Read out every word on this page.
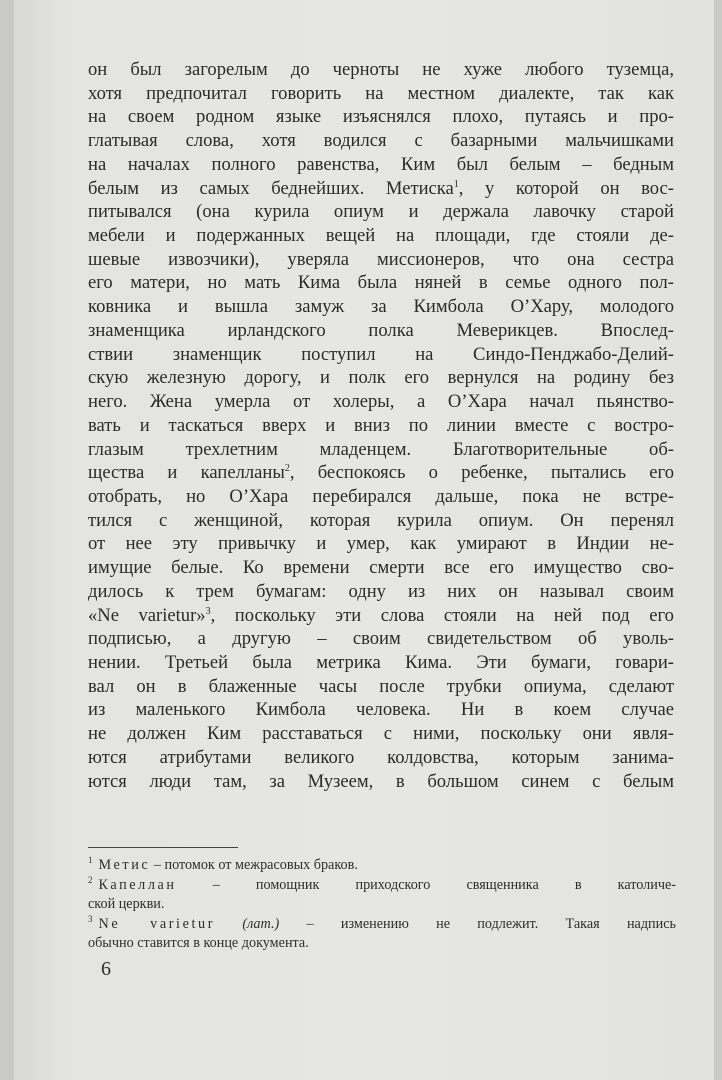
он был загорелым до черноты не хуже любого туземца,
хотя предпочитал говорить на местном диалекте, так как
на своем родном языке изъяснялся плохо, путаясь и про-
глатывая слова, хотя водился с базарными мальчишками
на началах полного равенства, Ким был белым – бедным
белым из самых беднейших. Метиска$^1$, у которой он вос-
питывался (она курила опиум и держала лавочку старой
мебели и подержанных вещей на площади, где стояли де-
шевые извозчики), уверяла миссионеров, что она сестра
его матери, но мать Кима была няней в семье одного пол-
ковника и вышла замуж за Кимбола О’Хару, молодого
знаменщика ирландского полка Меверикцев. Впослед-
ствии знаменщик поступил на Синдо-Пенджабо-Делий-
скую железную дорогу, и полк его вернулся на родину без
него. Жена умерла от холеры, а О’Хара начал пьянство-
вать и таскаться вверх и вниз по линии вместе с востро-
глазым трехлетним младенцем. Благотворительные об-
щества и капелланы$^2$, беспокоясь о ребенке, пытались его
отобрать, но О’Хара перебирался дальше, пока не встре-
тился с женщиной, которая курила опиум. Он перенял
от нее эту привычку и умер, как умирают в Индии не-
имущие белые. Ко времени смерти все его имущество сво-
дилось к трем бумагам: одну из них он называл своим
«Ne varietur»$^3$, поскольку эти слова стояли на ней под его
подписью, а другую – своим свидетельством об уволь-
нении. Третьей была метрика Кима. Эти бумаги, говари-
вал он в блаженные часы после трубки опиума, сделают
из маленького Кимбола человека. Ни в коем случае
не должен Ким расставаться с ними, поскольку они явля-
ются атрибутами великого колдовства, которым занима-
ются люди там, за Музеем, в большом синем с белым
$^1$ Метис – потомок от межрасовых браков.
$^2$ Капеллан – помощник приходского священника в католиче-
ской церкви.
$^3$ Ne varietur (лат.) – изменению не подлежит. Такая надпись
обычно ставится в конце документа.
6
